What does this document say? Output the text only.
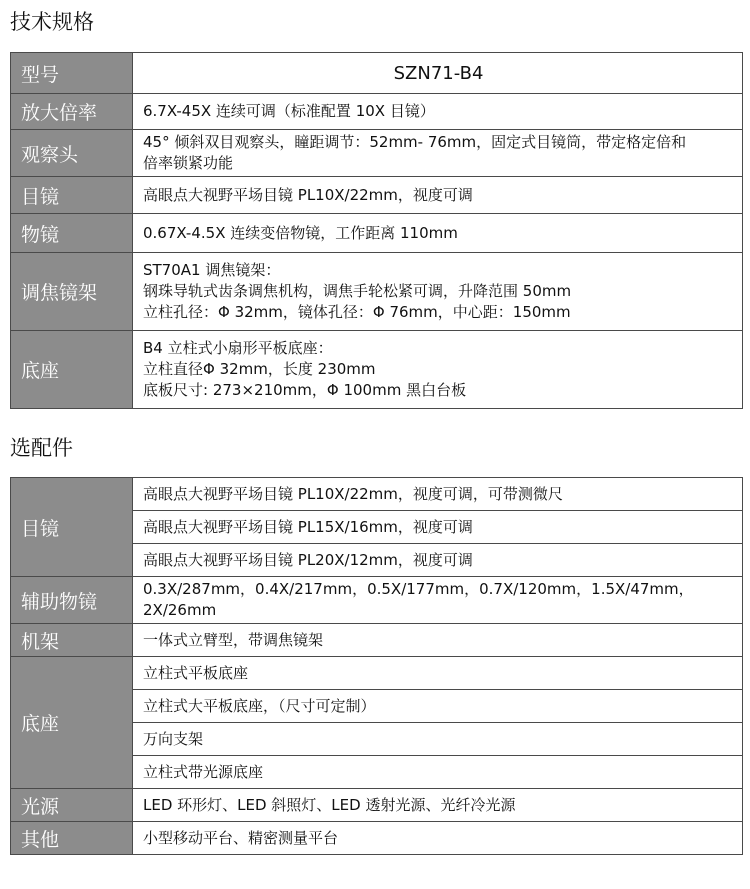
技术规格
型号	SZN71-B4
放大倍率	6.7X-45X 连续可调（标准配置 10X 目镜）

观察头	45° 倾斜双目观察头，瞳距调节：52mm- 76mm，固定式目镜筒，带定格定倍和
倍率锁紧功能

目镜	高眼点大视野平场目镜 PL10X/22mm，视度可调

物镜	0.67X-4.5X 连续变倍物镜，工作距离 110mm

调焦镜架	ST70A1 调焦镜架：
钢珠导轨式齿条调焦机构，调焦手轮松紧可调，升降范围 50mm
立柱孔径：Φ 32mm，镜体孔径：Φ 76mm，中心距：150mm

底座	B4 立柱式小扇形平板底座：
立柱直径Φ 32mm，长度 230mm
底板尺寸: 273×210mm，Φ 100mm 黑白台板
选配件
目镜	高眼点大视野平场目镜 PL10X/22mm，视度可调，可带测微尺
	高眼点大视野平场目镜 PL15X/16mm，视度可调
	高眼点大视野平场目镜 PL20X/12mm，视度可调
辅助物镜	0.3X/287mm，0.4X/217mm，0.5X/177mm，0.7X/120mm，1.5X/47mm，
2X/26mm

机架	一体式立臂型，带调焦镜架
底座	立柱式平板底座
	立柱式大平板底座，（尺寸可定制）
	万向支架
	立柱式带光源底座
光源	LED 环形灯、LED 斜照灯、LED 透射光源、光纤冷光源
其他	小型移动平台、精密测量平台
